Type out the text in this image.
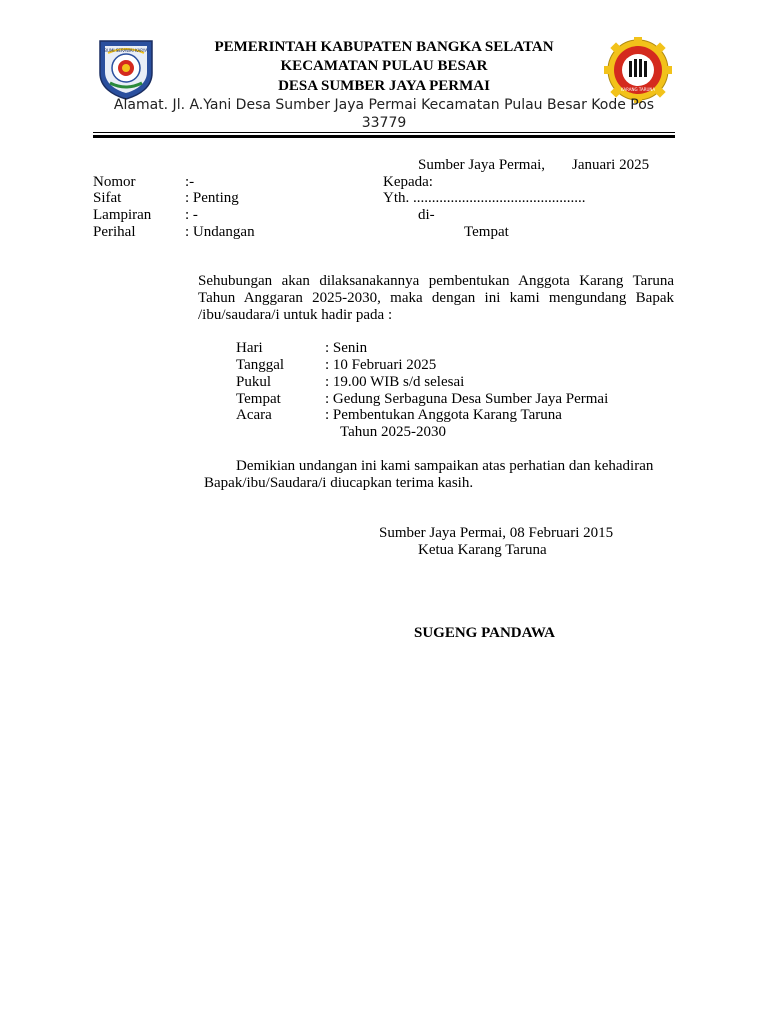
BUMI SERAWAI KARYA
KARANG TARUNA
PEMERINTAH KABUPATEN BANGKA SELATAN
KECAMATAN PULAU BESAR
DESA SUMBER JAYA PERMAI
Alamat. Jl. A.Yani Desa Sumber Jaya Permai Kecamatan Pulau Besar Kode Pos
33779
Sumber Jaya Permai, Januari 2025
Nomor	:-
Sifat	: Penting
Lampiran : -
Perihal	: Undangan
Kepada:
Yth. ..............................................
di-
Tempat
Sehubungan akan dilaksanakannya pembentukan Anggota Karang Taruna Tahun Anggaran 2025-2030, maka dengan ini kami mengundang Bapak /ibu/saudara/i untuk hadir pada :
Hari	: Senin
Tanggal	: 10 Februari 2025
Pukul	: 19.00 WIB s/d selesai
Tempat	: Gedung Serbaguna Desa Sumber Jaya Permai
Acara	: Pembentukan Anggota Karang Taruna
Tahun 2025-2030
Demikian undangan ini kami sampaikan atas perhatian dan kehadiran
Bapak/ibu/Saudara/i diucapkan terima kasih.
Sumber Jaya Permai, 08 Februari 2015
Ketua Karang Taruna
SUGENG PANDAWA
